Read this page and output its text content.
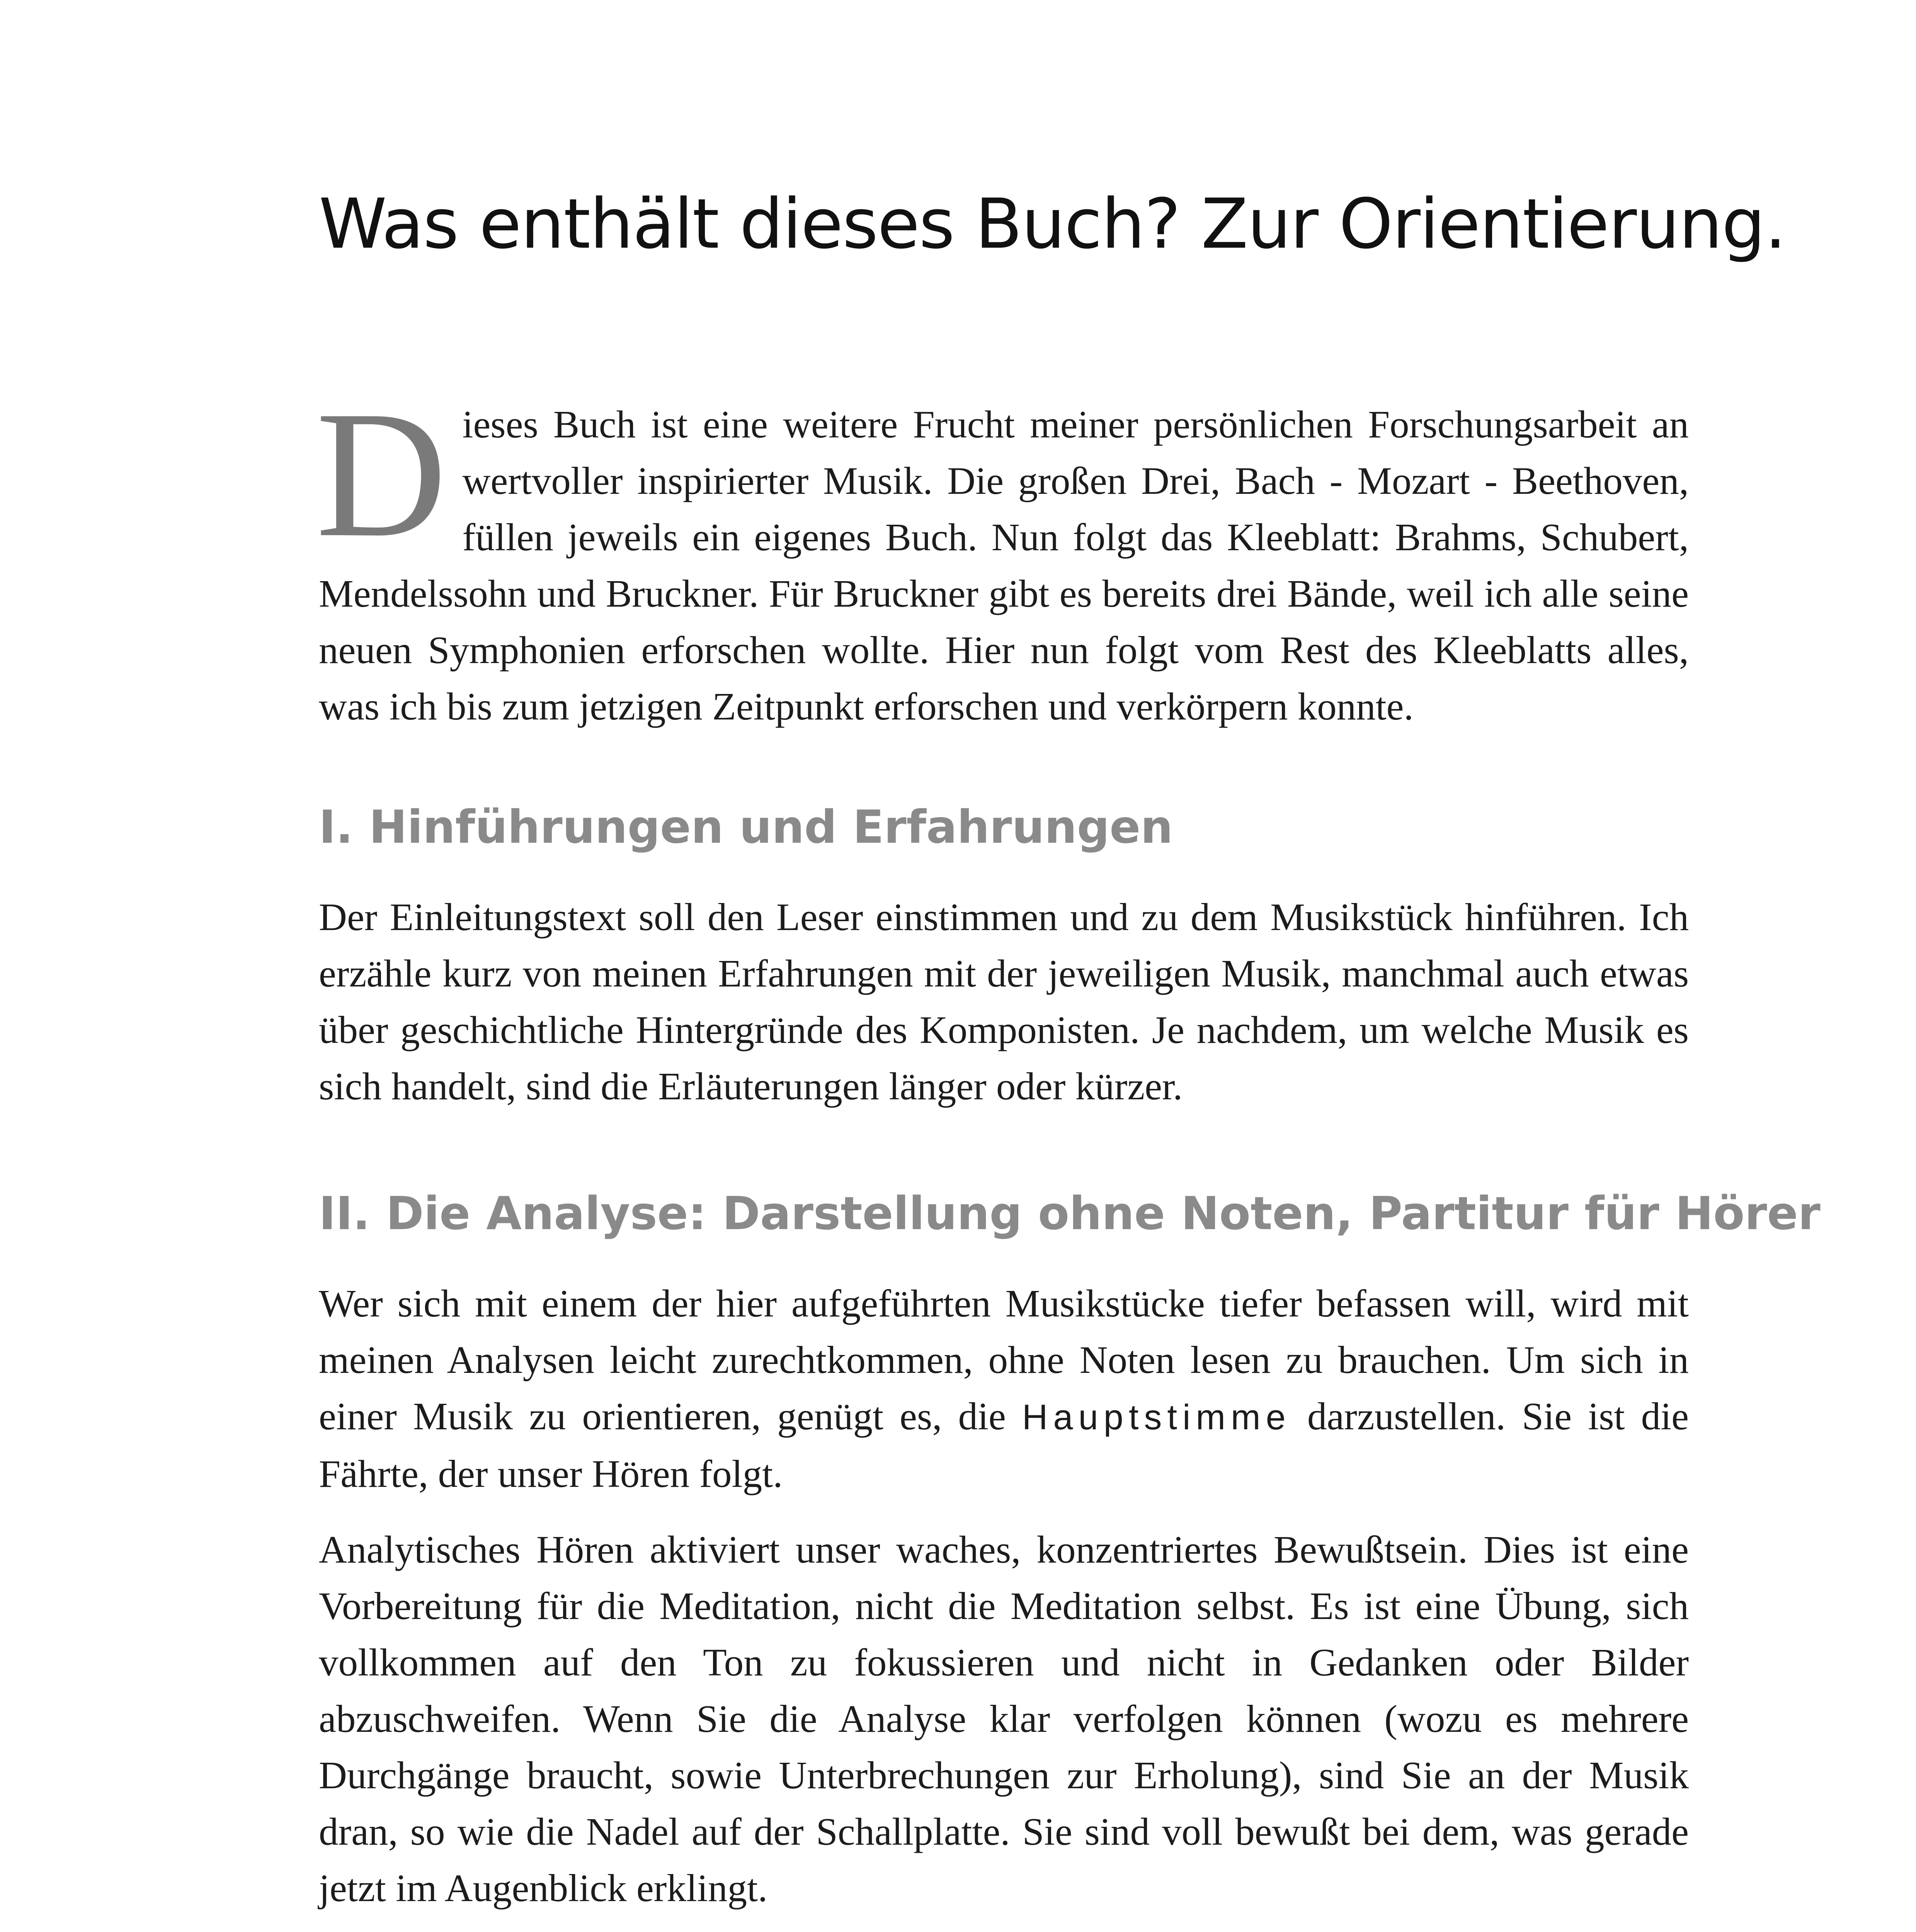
Was enthält dieses Buch? Zur Orientierung.

Dieses Buch ist eine weitere Frucht meiner persönlichen Forschungsarbeit an wertvoller inspirierter Musik. Die großen Drei, Bach - Mozart - Beethoven, füllen jeweils ein eigenes Buch. Nun folgt das Kleeblatt: Brahms, Schubert, Mendelssohn und Bruckner. Für Bruckner gibt es bereits drei Bände, weil ich alle seine neuen Symphonien erforschen wollte. Hier nun folgt vom Rest des Kleeblatts alles, was ich bis zum jetzigen Zeitpunkt erforschen und verkörpern konnte.

I. Hinführungen und Erfahrungen

Der Einleitungstext soll den Leser einstimmen und zu dem Musikstück hinführen. Ich erzähle kurz von meinen Erfahrungen mit der jeweiligen Musik, manchmal auch etwas über geschichtliche Hintergründe des Komponisten. Je nachdem, um welche Musik es sich handelt, sind die Erläuterungen länger oder kürzer.

II. Die Analyse: Darstellung ohne Noten, Partitur für Hörer

Wer sich mit einem der hier aufgeführten Musikstücke tiefer befassen will, wird mit meinen Analysen leicht zurechtkommen, ohne Noten lesen zu brauchen. Um sich in einer Musik zu orientieren, genügt es, die Hauptstimme darzustellen. Sie ist die Fährte, der unser Hören folgt.

Analytisches Hören aktiviert unser waches, konzentriertes Bewußtsein. Dies ist eine Vorbereitung für die Meditation, nicht die Meditation selbst. Es ist eine Übung, sich vollkommen auf den Ton zu fokussieren und nicht in Gedanken oder Bilder abzuschweifen. Wenn Sie die Analyse klar verfolgen können (wozu es mehrere Durchgänge braucht, sowie Unterbrechungen zur Erholung), sind Sie an der Musik dran, so wie die Nadel auf der Schallplatte. Sie sind voll bewußt bei dem, was gerade jetzt im Augenblick erklingt.
